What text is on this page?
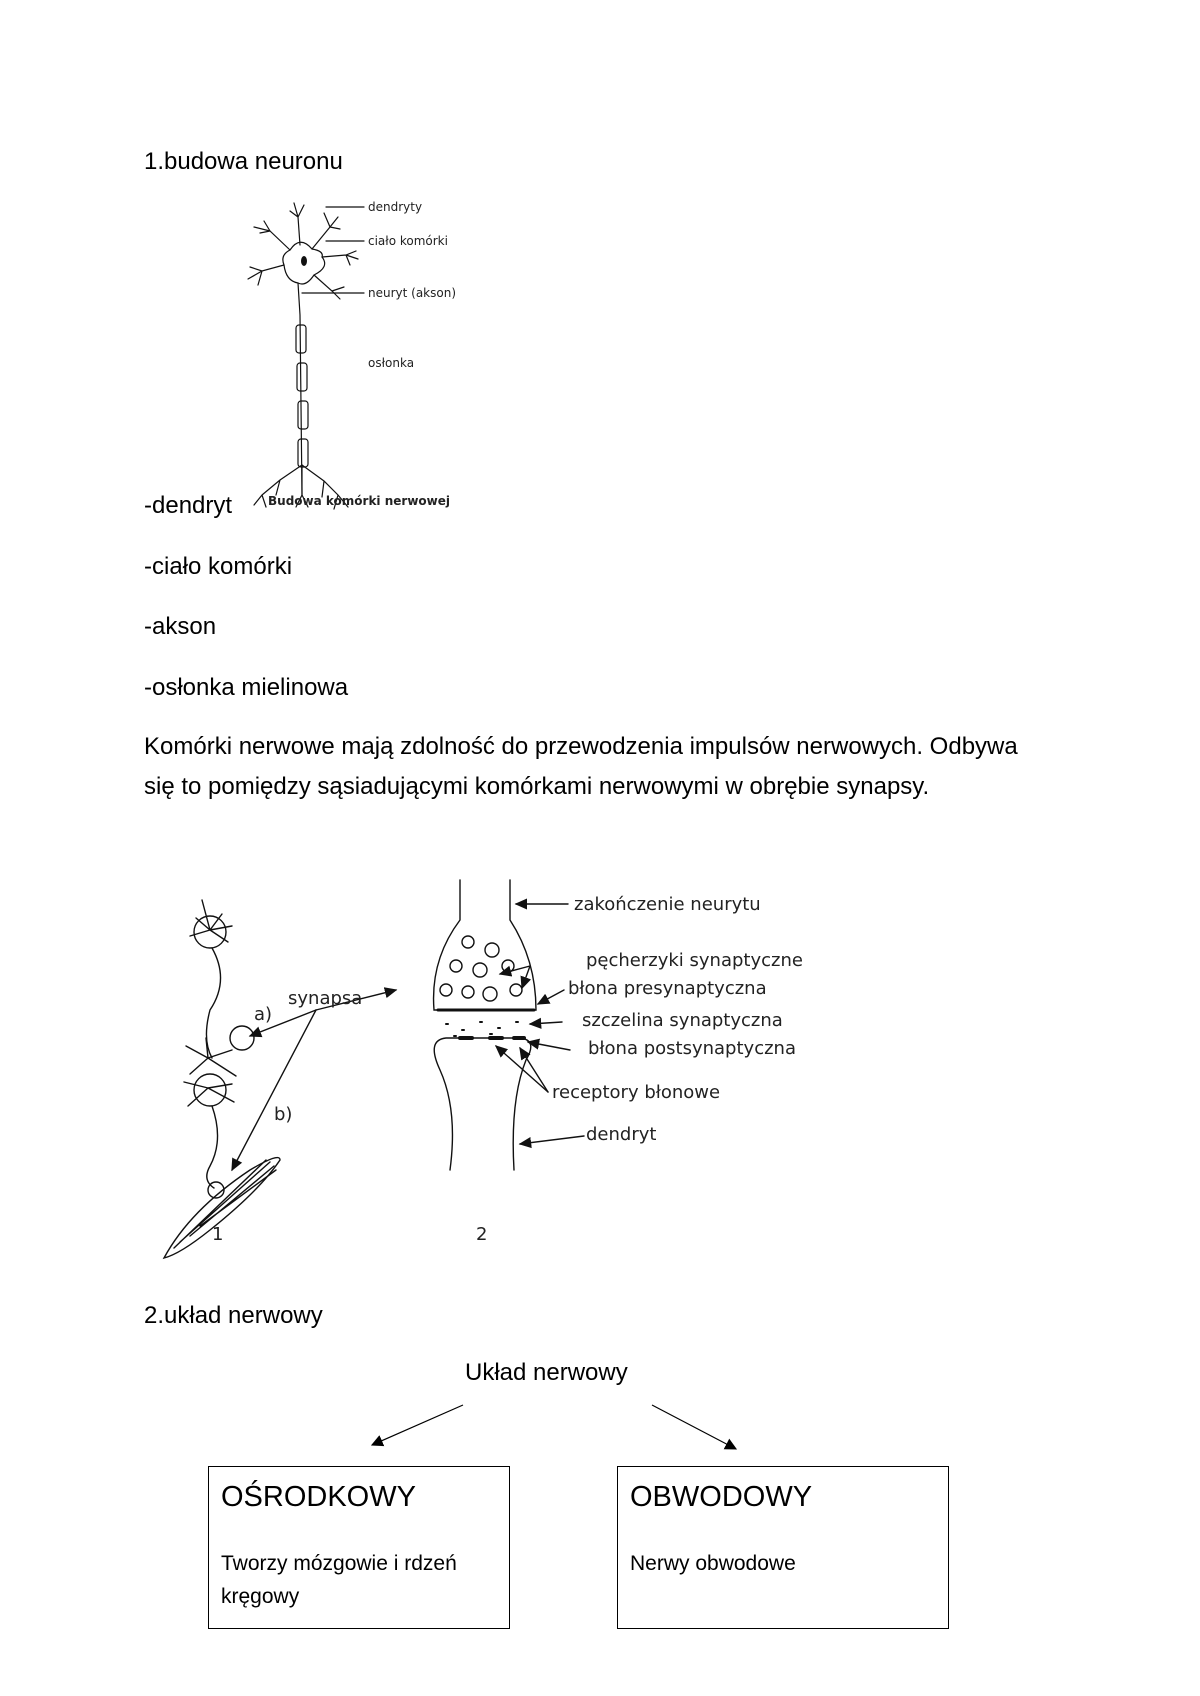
1.budowa neuronu
dendryty
ciało komórki
neuryt (akson)
osłonka
Budowa komórki nerwowej
-dendryt
-ciało komórki
-akson
-osłonka mielinowa
Komórki nerwowe mają zdolność do przewodzenia impulsów nerwowych. Odbywa się to pomiędzy sąsiadującymi komórkami nerwowymi w obrębie synapsy.
synapsa
a)
b)
1	2
zakończenie neurytu
pęcherzyki synaptyczne
błona presynaptyczna
szczelina synaptyczna
błona postsynaptyczna
receptory błonowe
dendryt
2.układ nerwowy
Układ nerwowy
OŚRODKOWY
Tworzy mózgowie i rdzeń kręgowy
OBWODOWY
Nerwy obwodowe
